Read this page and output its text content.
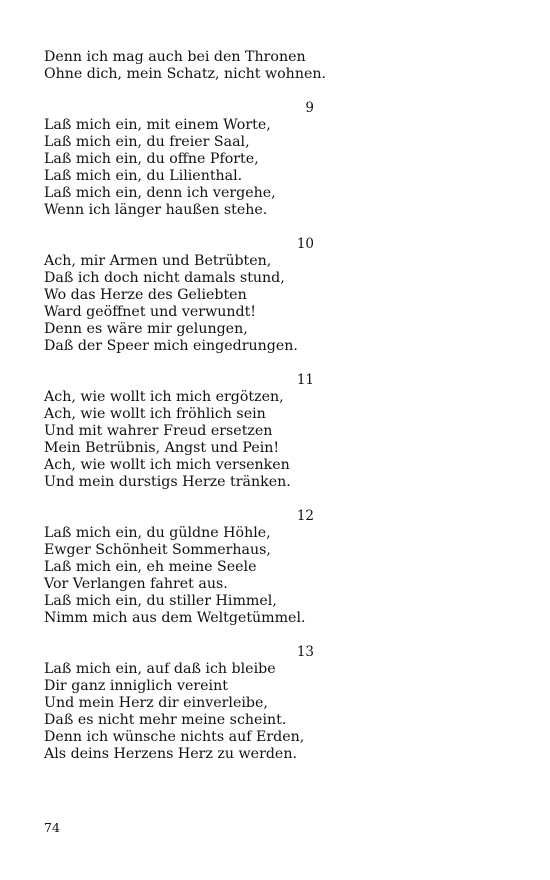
Denn ich mag auch bei den Thronen
Ohne dich, mein Schatz, nicht wohnen.
9
Laß mich ein, mit einem Worte,
Laß mich ein, du freier Saal,
Laß mich ein, du offne Pforte,
Laß mich ein, du Lilienthal.
Laß mich ein, denn ich vergehe,
Wenn ich länger haußen stehe.
10
Ach, mir Armen und Betrübten,
Daß ich doch nicht damals stund,
Wo das Herze des Geliebten
Ward geöffnet und verwundt!
Denn es wäre mir gelungen,
Daß der Speer mich eingedrungen.
11
Ach, wie wollt ich mich ergötzen,
Ach, wie wollt ich fröhlich sein
Und mit wahrer Freud ersetzen
Mein Betrübnis, Angst und Pein!
Ach, wie wollt ich mich versenken
Und mein durstigs Herze tränken.
12
Laß mich ein, du güldne Höhle,
Ewger Schönheit Sommerhaus,
Laß mich ein, eh meine Seele
Vor Verlangen fahret aus.
Laß mich ein, du stiller Himmel,
Nimm mich aus dem Weltgetümmel.
13
Laß mich ein, auf daß ich bleibe
Dir ganz inniglich vereint
Und mein Herz dir einverleibe,
Daß es nicht mehr meine scheint.
Denn ich wünsche nichts auf Erden,
Als deins Herzens Herz zu werden.
74
